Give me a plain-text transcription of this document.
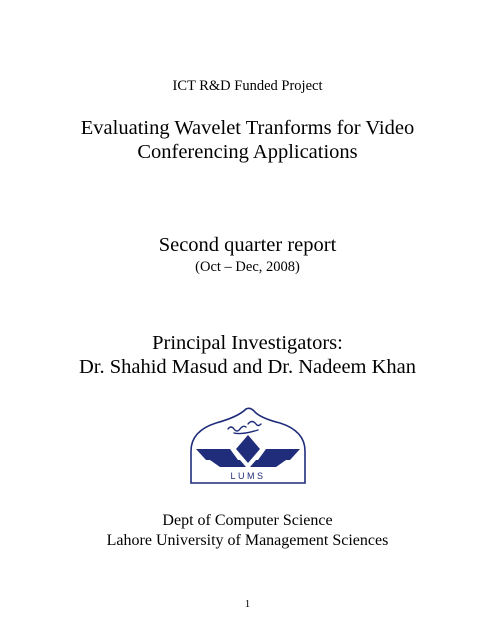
ICT R&D Funded Project
Evaluating Wavelet Tranforms for Video
Conferencing Applications
Second quarter report
(Oct – Dec, 2008)
Principal Investigators:
Dr. Shahid Masud and Dr. Nadeem Khan
LUMS
Dept of Computer Science
Lahore University of Management Sciences
1
